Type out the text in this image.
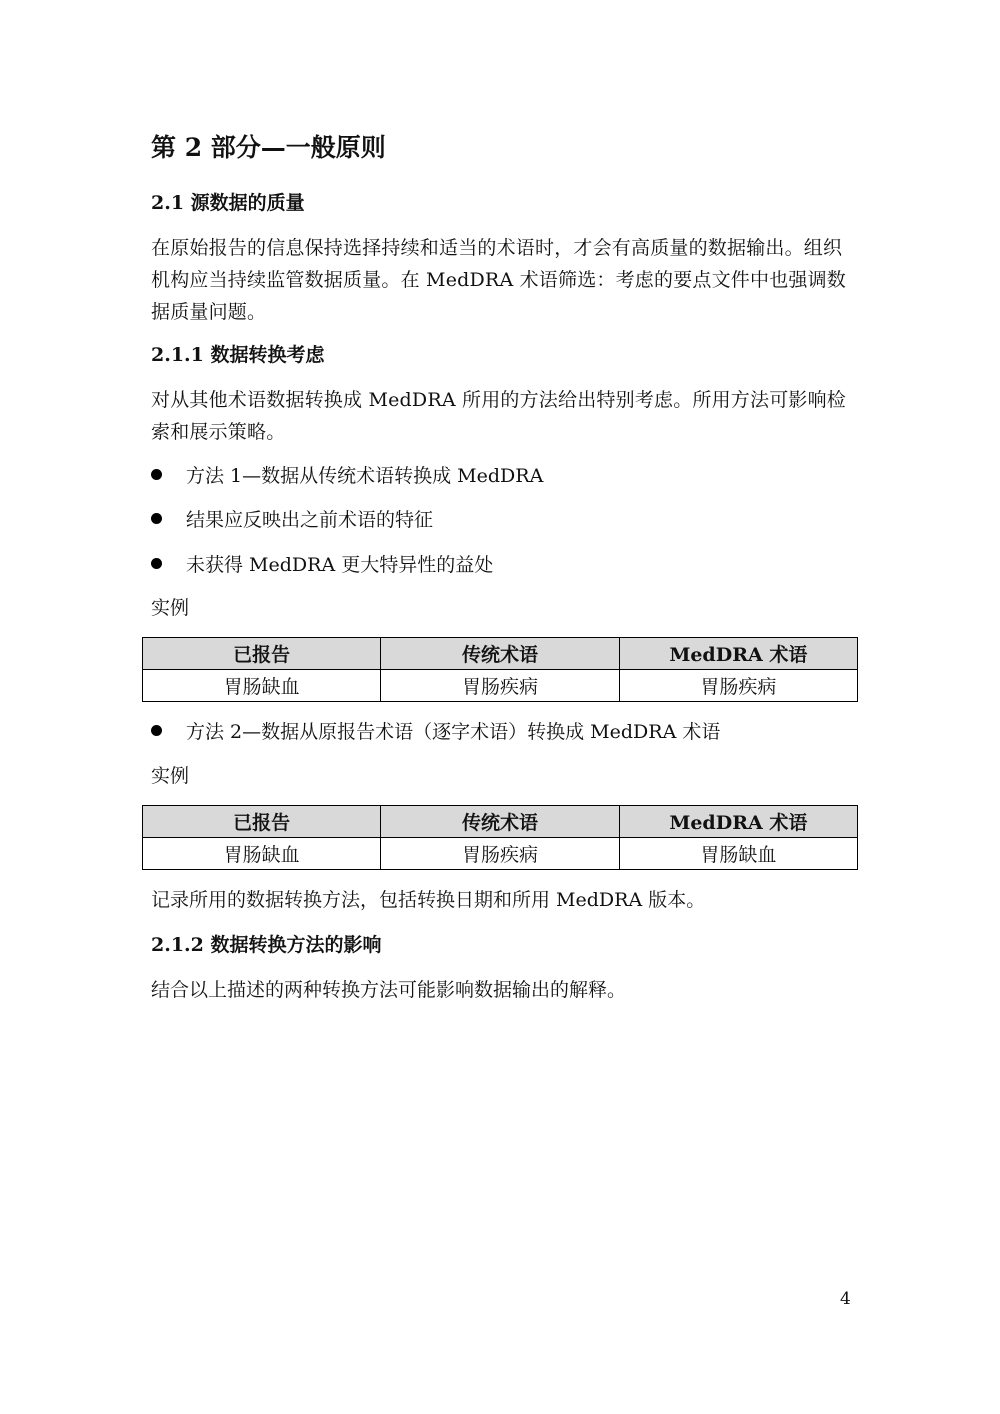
第 2 部分—一般原则
2.1 源数据的质量
在原始报告的信息保持选择持续和适当的术语时，才会有高质量的数据输出。组织机构应当持续监管数据质量。在 MedDRA 术语筛选：考虑的要点文件中也强调数据质量问题。
2.1.1 数据转换考虑
对从其他术语数据转换成 MedDRA 所用的方法给出特别考虑。所用方法可影响检索和展示策略。
方法 1—数据从传统术语转换成 MedDRA
结果应反映出之前术语的特征
未获得 MedDRA 更大特异性的益处
实例
已报告	传统术语	MedDRA 术语
胃肠缺血	胃肠疾病	胃肠疾病
方法 2—数据从原报告术语（逐字术语）转换成 MedDRA 术语
实例
已报告	传统术语	MedDRA 术语
胃肠缺血	胃肠疾病	胃肠缺血
记录所用的数据转换方法，包括转换日期和所用 MedDRA 版本。
2.1.2 数据转换方法的影响
结合以上描述的两种转换方法可能影响数据输出的解释。
4
